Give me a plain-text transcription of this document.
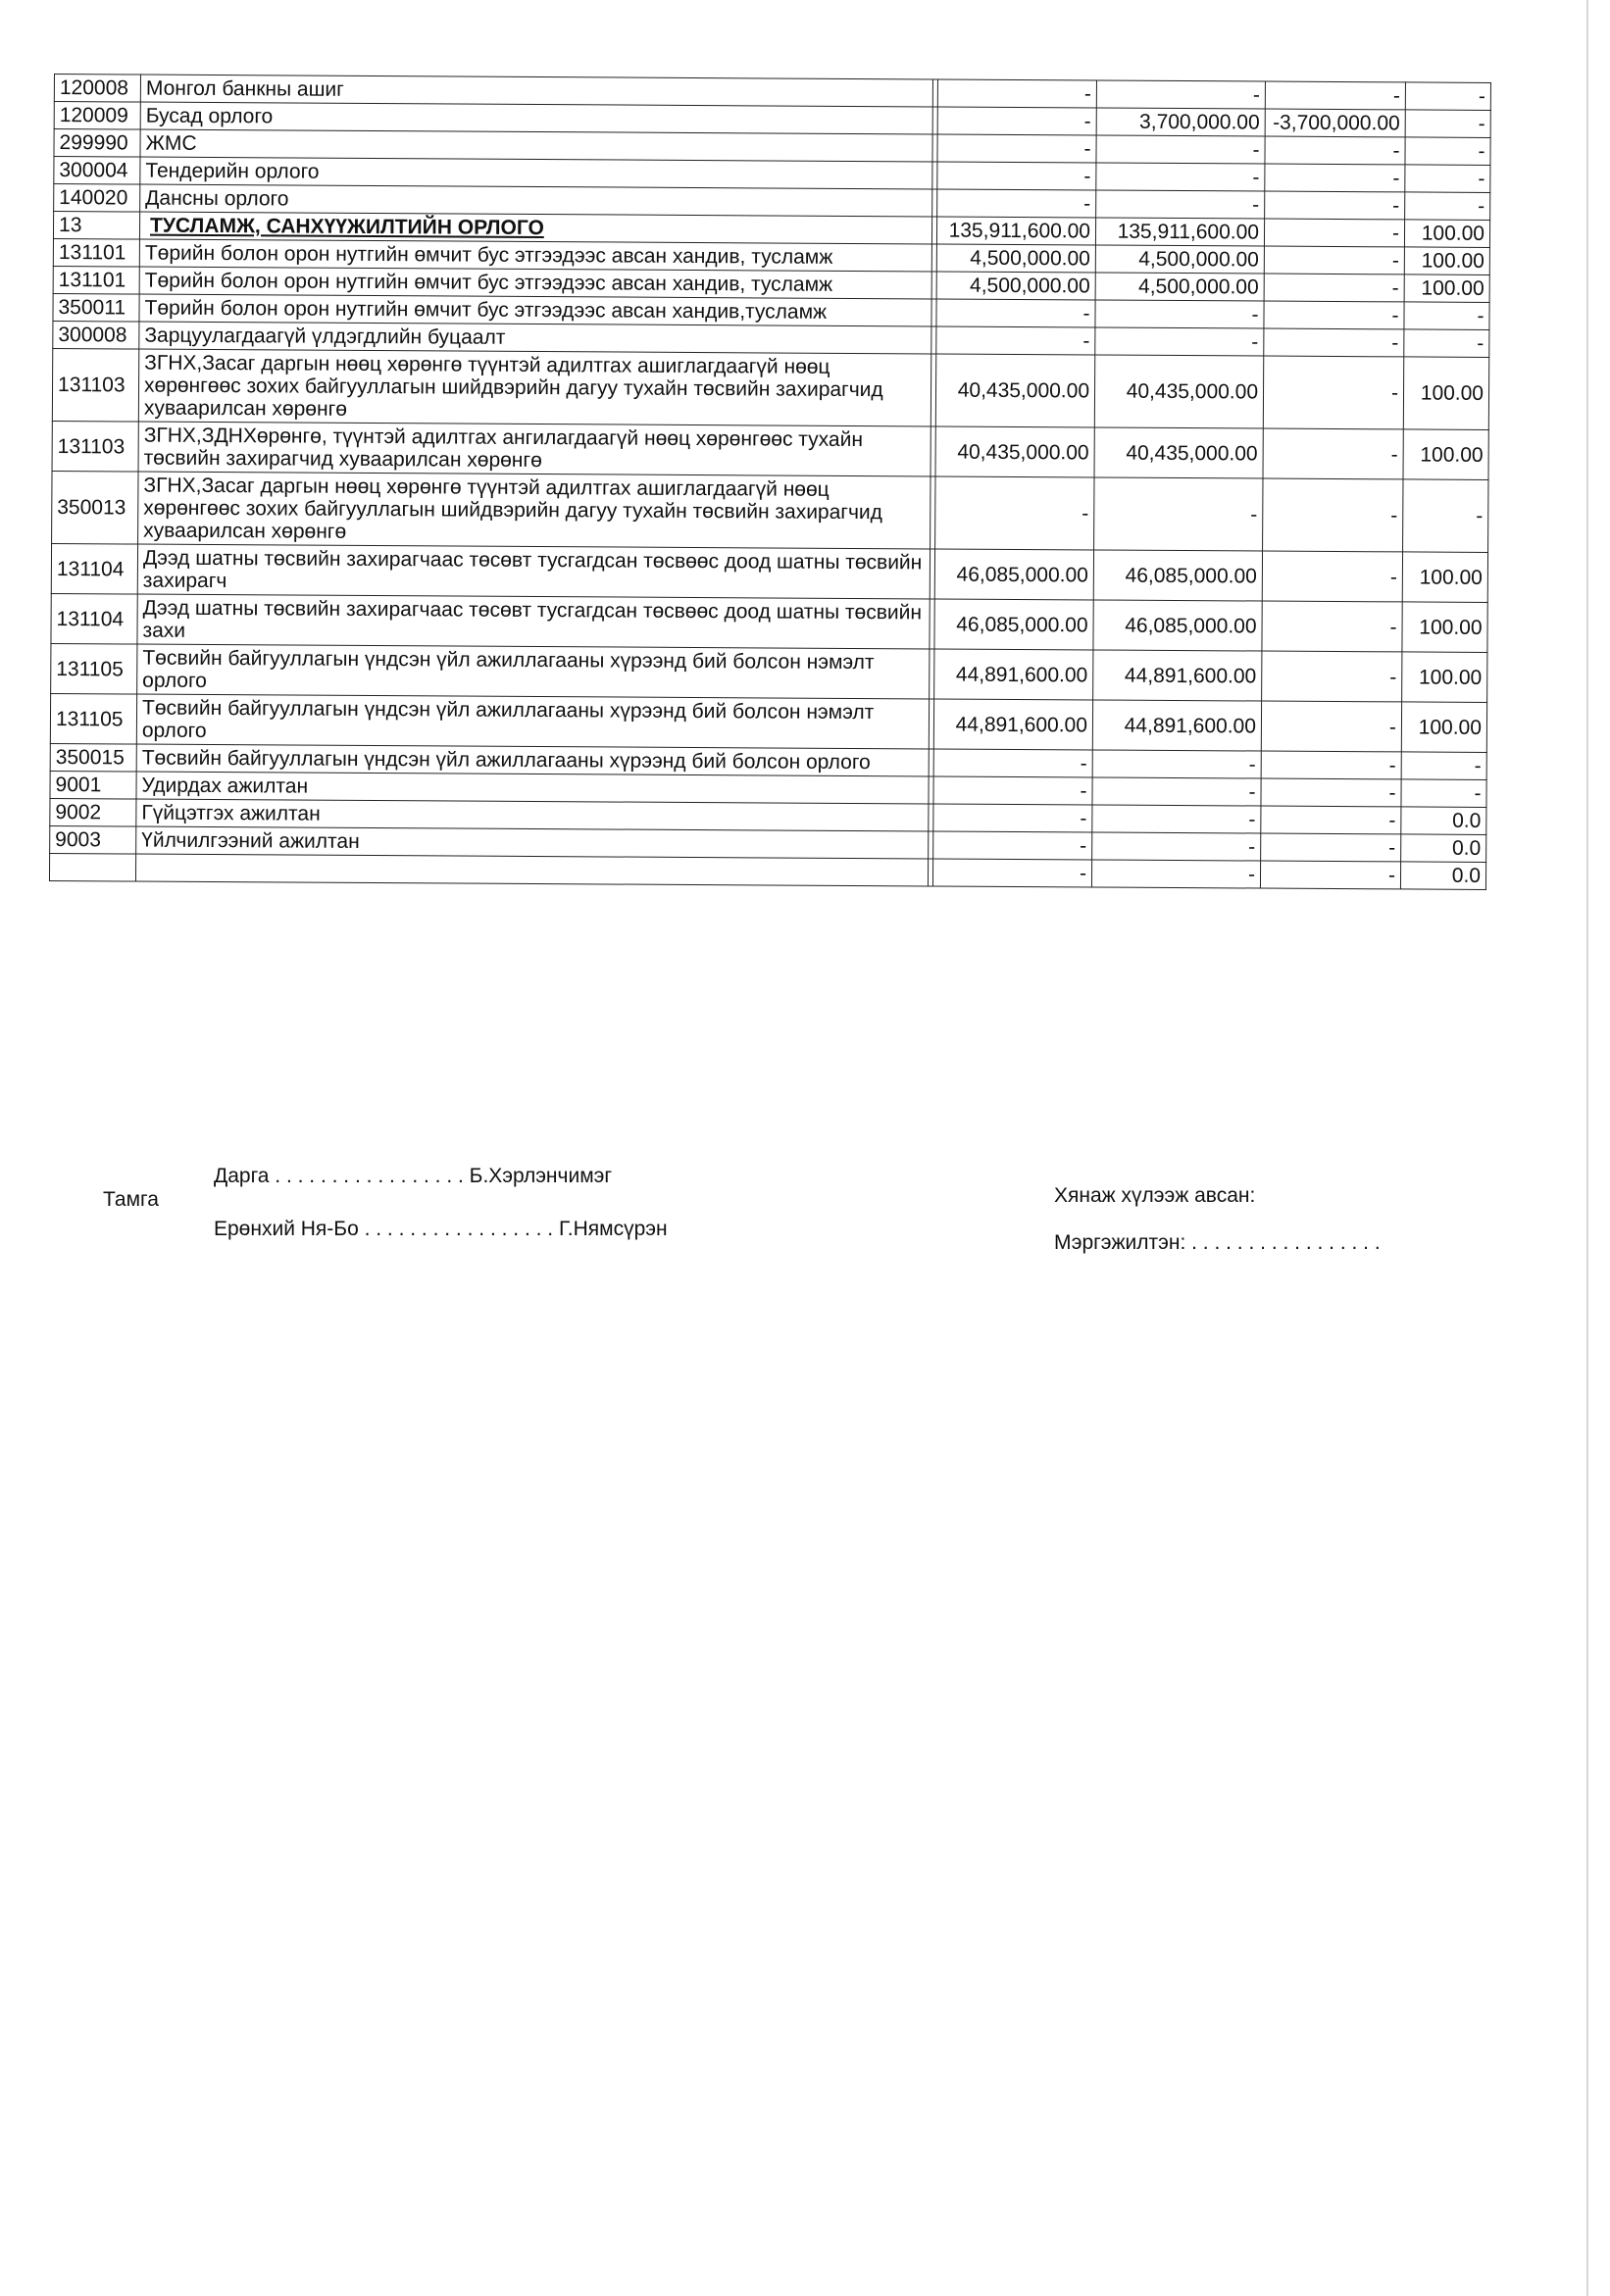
120008	Монгол банкны ашиг		-	-	-	-
120009	Бусад орлого		-	3,700,000.00	-3,700,000.00	-
299990	ЖМС		-	-	-	-
300004	Тендерийн орлого		-	-	-	-
140020	Дансны орлого		-	-	-	-
13	ТУСЛАМЖ, САНХҮҮЖИЛТИЙН ОРЛОГО		135,911,600.00	135,911,600.00	-	100.00
131101	Төрийн болон орон нутгийн өмчит бус этгээдээс авсан хандив, тусламж		4,500,000.00	4,500,000.00	-	100.00
131101	Төрийн болон орон нутгийн өмчит бус этгээдээс авсан хандив, тусламж		4,500,000.00	4,500,000.00	-	100.00
350011	Төрийн болон орон нутгийн өмчит бус этгээдээс авсан хандив,тусламж		-	-	-	-
300008	Зарцуулагдаагүй үлдэгдлийн буцаалт		-	-	-	-
131103	ЗГНХ,Засаг даргын нөөц хөрөнгө түүнтэй адилтгах ашиглагдаагүй нөөц хөрөнгөөс зохих байгууллагын шийдвэрийн дагуу тухайн төсвийн захирагчид хуваарилсан хөрөнгө		40,435,000.00	40,435,000.00	-	100.00
131103	ЗГНХ,ЗДНХөрөнгө, түүнтэй адилтгах ангилагдаагүй нөөц хөрөнгөөс тухайн төсвийн захирагчид хуваарилсан хөрөнгө		40,435,000.00	40,435,000.00	-	100.00
350013	ЗГНХ,Засаг даргын нөөц хөрөнгө түүнтэй адилтгах ашиглагдаагүй нөөц хөрөнгөөс зохих байгууллагын шийдвэрийн дагуу тухайн төсвийн захирагчид хуваарилсан хөрөнгө		-	-	-	-
131104	Дээд шатны төсвийн захирагчаас төсөвт тусгагдсан төсвөөс доод шатны төсвийн захирагч		46,085,000.00	46,085,000.00	-	100.00
131104	Дээд шатны төсвийн захирагчаас төсөвт тусгагдсан төсвөөс доод шатны төсвийн захи		46,085,000.00	46,085,000.00	-	100.00
131105	Төсвийн байгууллагын үндсэн үйл ажиллагааны хүрээнд бий болсон нэмэлт орлого		44,891,600.00	44,891,600.00	-	100.00
131105	Төсвийн байгууллагын үндсэн үйл ажиллагааны хүрээнд бий болсон нэмэлт орлого		44,891,600.00	44,891,600.00	-	100.00
350015	Төсвийн байгууллагын үндсэн үйл ажиллагааны хүрээнд бий болсон орлого		-	-	-	-
9001	Удирдах ажилтан		-	-	-	-
9002	Гүйцэтгэх ажилтан		-	-	-	0.0
9003	Үйлчилгээний ажилтан		-	-	-	0.0
			-	-	-	0.0
Тамга
Дарга . . . . . . . . . . . . . . . . . Б.Хэрлэнчимэг
Ерөнхий Ня-Бо . . . . . . . . . . . . . . . . . Г.Нямсүрэн
Хянаж хүлээж авсан:
Мэргэжилтэн: . . . . . . . . . . . . . . . . .
